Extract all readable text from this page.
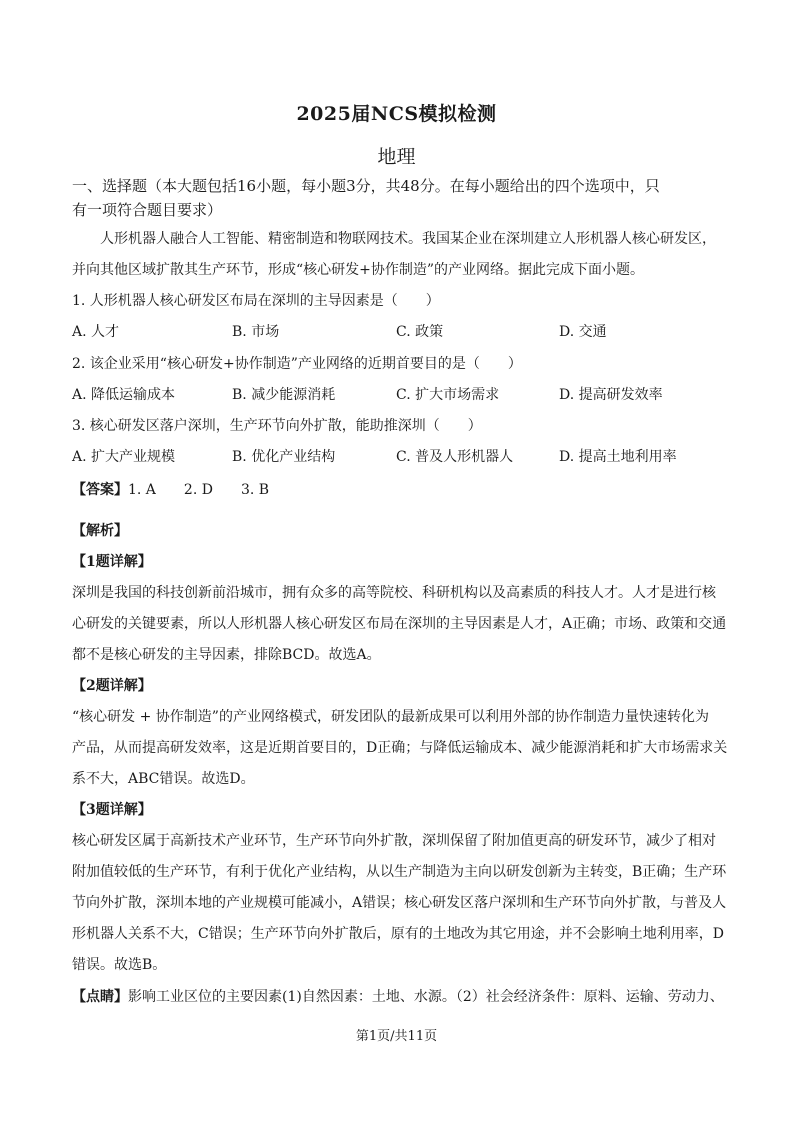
2025届NCS模拟检测
地理
一、选择题（本大题包括16小题，每小题3分，共48分。在每小题给出的四个选项中，只
有一项符合题目要求）
人形机器人融合人工智能、精密制造和物联网技术。我国某企业在深圳建立人形机器人核心研发区，
并向其他区域扩散其生产环节，形成“核心研发+协作制造”的产业网络。据此完成下面小题。
1. 人形机器人核心研发区布局在深圳的主导因素是（　　）
A. 人才	B. 市场	C. 政策	D. 交通
2. 该企业采用“核心研发+协作制造”产业网络的近期首要目的是（　　）
A. 降低运输成本	B. 减少能源消耗	C. 扩大市场需求	D. 提高研发效率
3. 核心研发区落户深圳，生产环节向外扩散，能助推深圳（　　）
A. 扩大产业规模	B. 优化产业结构	C. 普及人形机器人	D. 提高土地利用率
【答案】1. A　　2. D　　3. B
【解析】
【1题详解】
深圳是我国的科技创新前沿城市，拥有众多的高等院校、科研机构以及高素质的科技人才。人才是进行核
心研发的关键要素，所以人形机器人核心研发区布局在深圳的主导因素是人才，A正确；市场、政策和交通
都不是核心研发的主导因素，排除BCD。故选A。
【2题详解】
“核心研发 + 协作制造”的产业网络模式，研发团队的最新成果可以利用外部的协作制造力量快速转化为
产品，从而提高研发效率，这是近期首要目的，D正确；与降低运输成本、减少能源消耗和扩大市场需求关
系不大，ABC错误。故选D。
【3题详解】
核心研发区属于高新技术产业环节，生产环节向外扩散，深圳保留了附加值更高的研发环节，减少了相对
附加值较低的生产环节，有利于优化产业结构，从以生产制造为主向以研发创新为主转变，B正确；生产环
节向外扩散，深圳本地的产业规模可能减小，A错误；核心研发区落户深圳和生产环节向外扩散，与普及人
形机器人关系不大，C错误；生产环节向外扩散后，原有的土地改为其它用途，并不会影响土地利用率，D
错误。故选B。
【点睛】影响工业区位的主要因素(1)自然因素：土地、水源。（2）社会经济条件：原料、运输、劳动力、
第1页/共11页
